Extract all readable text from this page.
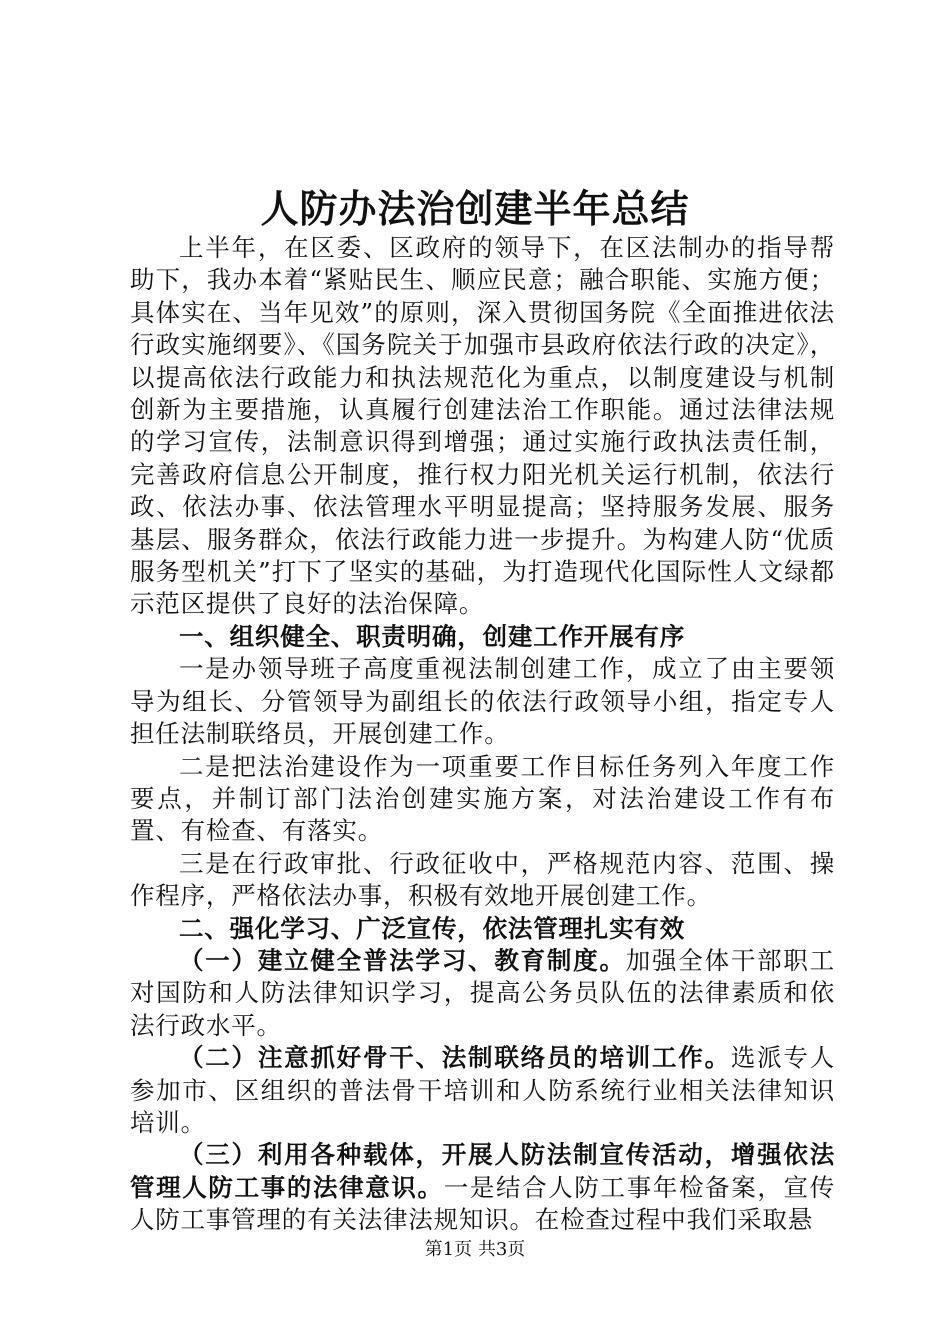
人防办法治创建半年总结

上半年，在区委、区政府的领导下，在区法制办的指导帮助下，我办本着“紧贴民生、顺应民意；融合职能、实施方便；具体实在、当年见效”的原则，深入贯彻国务院《全面推进依法行政实施纲要》、《国务院关于加强市县政府依法行政的决定》，以提高依法行政能力和执法规范化为重点，以制度建设与机制创新为主要措施，认真履行创建法治工作职能。通过法律法规的学习宣传，法制意识得到增强；通过实施行政执法责任制，完善政府信息公开制度，推行权力阳光机关运行机制，依法行政、依法办事、依法管理水平明显提高；坚持服务发展、服务基层、服务群众，依法行政能力进一步提升。为构建人防“优质服务型机关”打下了坚实的基础，为打造现代化国际性人文绿都示范区提供了良好的法治保障。

一、组织健全、职责明确，创建工作开展有序

一是办领导班子高度重视法制创建工作，成立了由主要领导为组长、分管领导为副组长的依法行政领导小组，指定专人担任法制联络员，开展创建工作。

二是把法治建设作为一项重要工作目标任务列入年度工作要点，并制订部门法治创建实施方案，对法治建设工作有布置、有检查、有落实。

三是在行政审批、行政征收中，严格规范内容、范围、操作程序，严格依法办事，积极有效地开展创建工作。

二、强化学习、广泛宣传，依法管理扎实有效

（一）建立健全普法学习、教育制度。加强全体干部职工对国防和人防法律知识学习，提高公务员队伍的法律素质和依法行政水平。

（二）注意抓好骨干、法制联络员的培训工作。选派专人参加市、区组织的普法骨干培训和人防系统行业相关法律知识培训。

（三）利用各种载体，开展人防法制宣传活动，增强依法管理人防工事的法律意识。一是结合人防工事年检备案，宣传人防工事管理的有关法律法规知识。在检查过程中我们采取悬

第1页 共3页
